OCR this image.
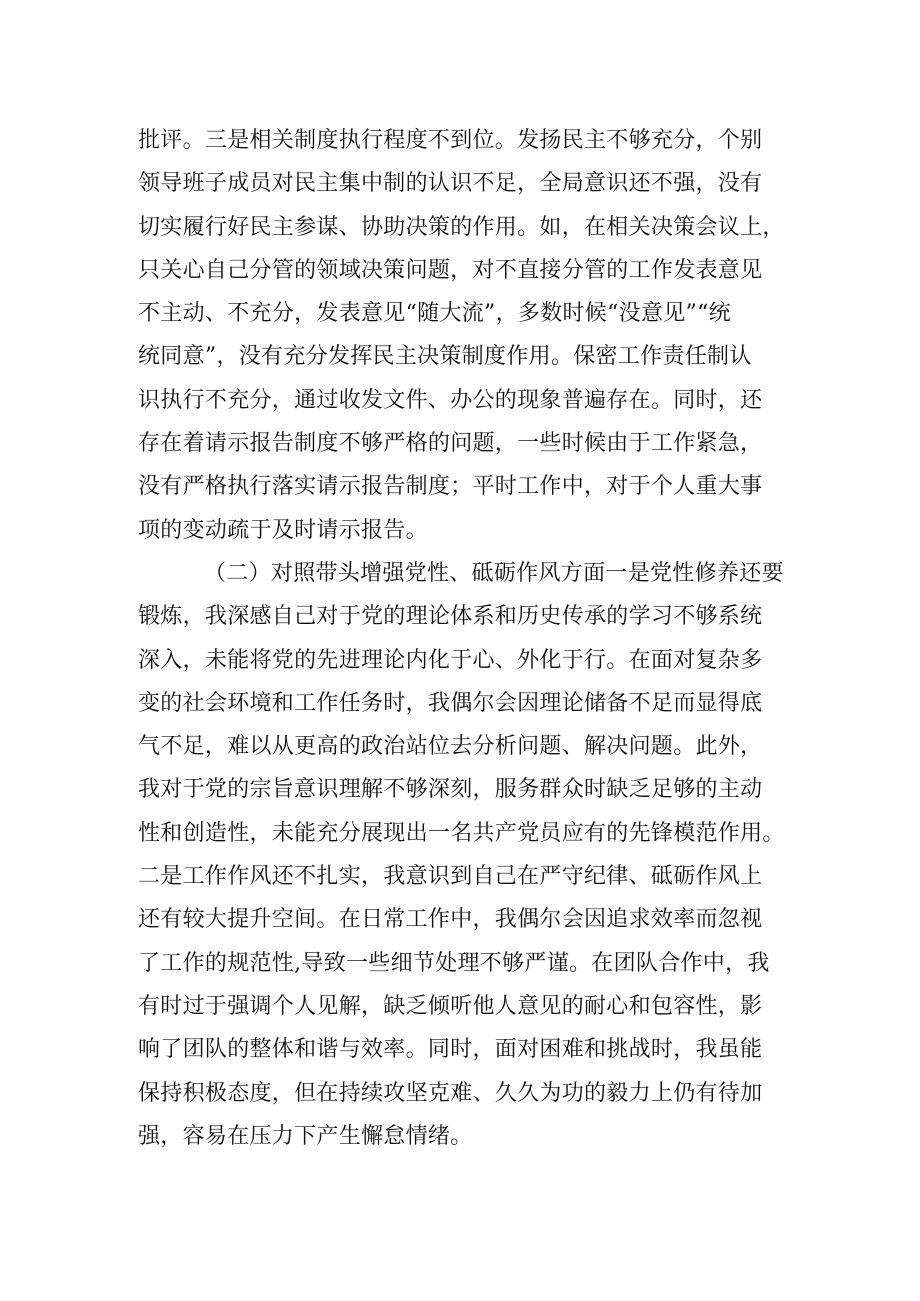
批评。三是相关制度执行程度不到位。发扬民主不够充分，个别
领导班子成员对民主集中制的认识不足，全局意识还不强，没有
切实履行好民主参谋、协助决策的作用。如，在相关决策会议上，
只关心自己分管的领域决策问题，对不直接分管的工作发表意见
不主动、不充分，发表意见“随大流”，多数时候“没意见”“统
统同意”，没有充分发挥民主决策制度作用。保密工作责任制认
识执行不充分，通过收发文件、办公的现象普遍存在。同时，还
存在着请示报告制度不够严格的问题，一些时候由于工作紧急，
没有严格执行落实请示报告制度；平时工作中，对于个人重大事
项的变动疏于及时请示报告。
（二）对照带头增强党性、砥砺作风方面一是党性修养还要
锻炼，我深感自己对于党的理论体系和历史传承的学习不够系统
深入，未能将党的先进理论内化于心、外化于行。在面对复杂多
变的社会环境和工作任务时，我偶尔会因理论储备不足而显得底
气不足，难以从更高的政治站位去分析问题、解决问题。此外，
我对于党的宗旨意识理解不够深刻，服务群众时缺乏足够的主动
性和创造性，未能充分展现出一名共产党员应有的先锋模范作用。
二是工作作风还不扎实，我意识到自己在严守纪律、砥砺作风上
还有较大提升空间。在日常工作中，我偶尔会因追求效率而忽视
了工作的规范性,导致一些细节处理不够严谨。在团队合作中，我
有时过于强调个人见解，缺乏倾听他人意见的耐心和包容性，影
响了团队的整体和谐与效率。同时，面对困难和挑战时，我虽能
保持积极态度，但在持续攻坚克难、久久为功的毅力上仍有待加
强，容易在压力下产生懈怠情绪。
